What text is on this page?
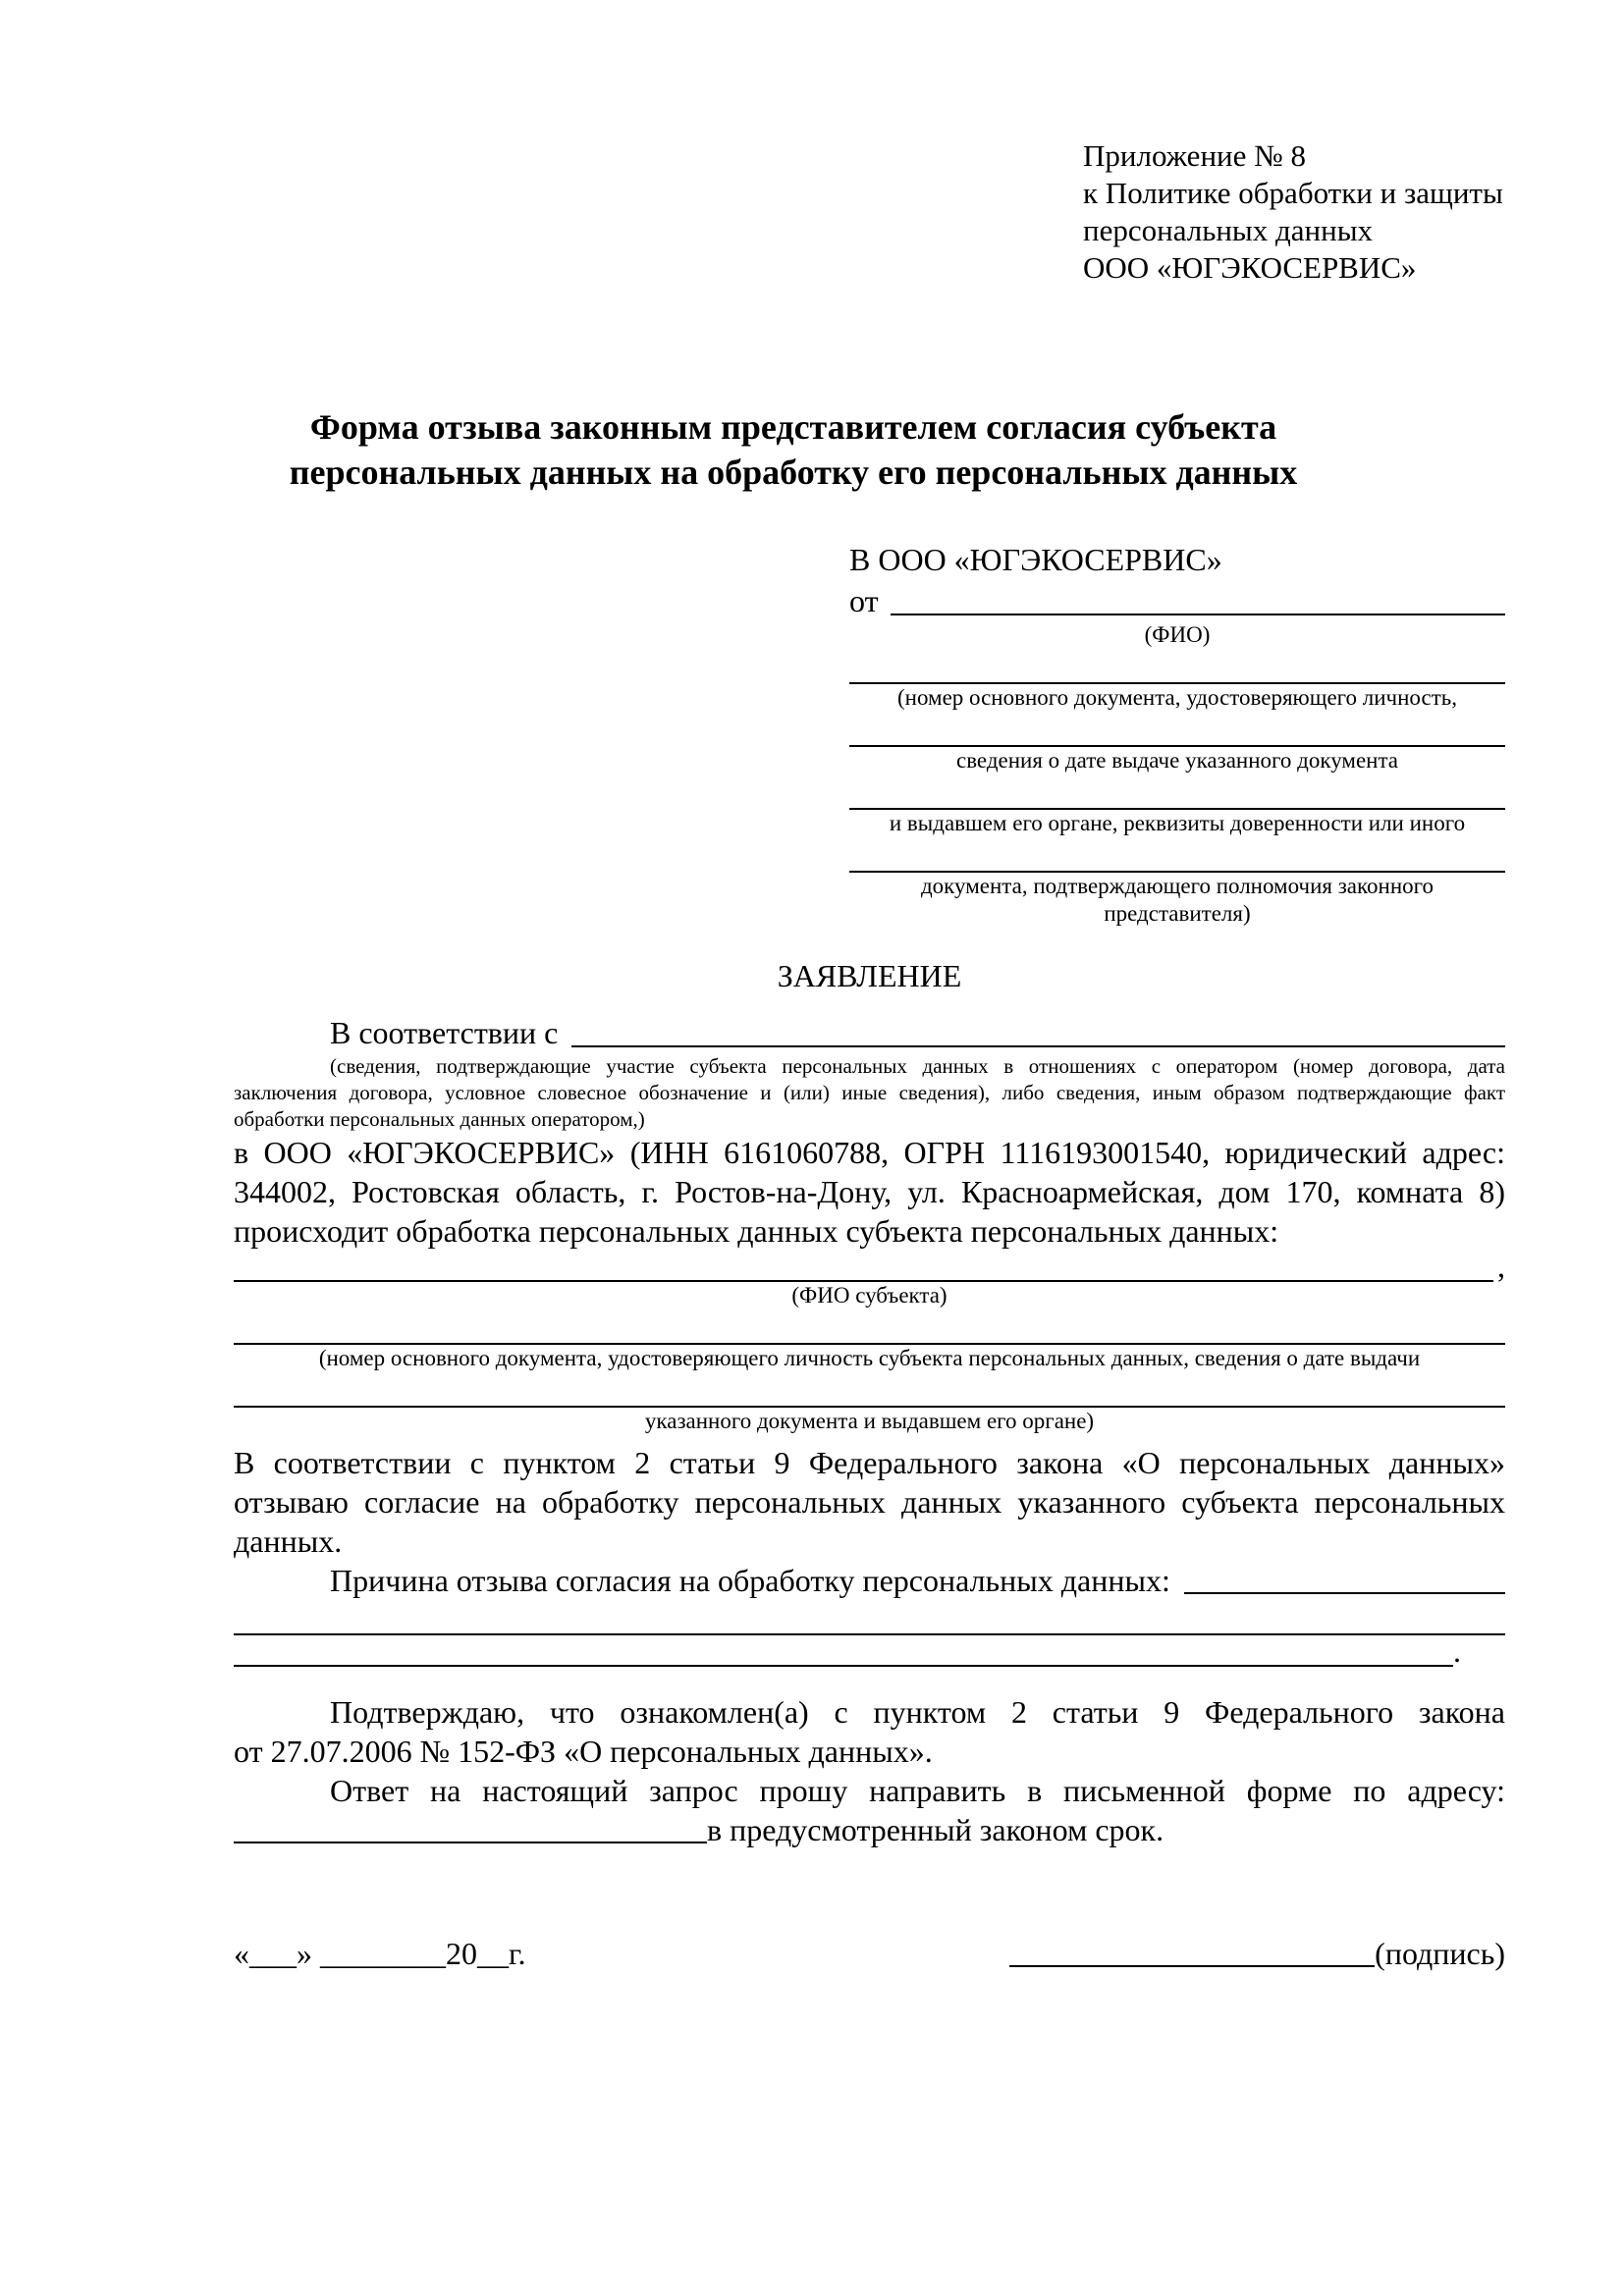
Приложение № 8
к Политике обработки и защиты
персональных данных
ООО «ЮГЭКОСЕРВИС»
Форма отзыва законным представителем согласия субъекта
персональных данных на обработку его персональных данных
В ООО «ЮГЭКОСЕРВИС»
от
(ФИО)
(номер основного документа, удостоверяющего личность,
сведения о дате выдаче указанного документа
и выдавшем его органе, реквизиты доверенности или иного
документа, подтверждающего полномочия законного представителя)
ЗАЯВЛЕНИЕ
В соответствии с
(сведения, подтверждающие участие субъекта персональных данных в отношениях с оператором (номер договора, дата
заключения договора, условное словесное обозначение и (или) иные сведения), либо сведения, иным образом подтверждающие факт
обработки персональных данных оператором,)
в ООО «ЮГЭКОСЕРВИС» (ИНН 6161060788, ОГРН 1116193001540, юридический адрес:
344002, Ростовская область, г. Ростов-на-Дону, ул. Красноармейская, дом 170, комната 8)
происходит обработка персональных данных субъекта персональных данных:
,
(ФИО субъекта)
(номер основного документа, удостоверяющего личность субъекта персональных данных, сведения о дате выдачи
указанного документа и выдавшем его органе)
В соответствии с пунктом 2 статьи 9 Федерального закона «О персональных данных»
отзываю согласие на обработку персональных данных указанного субъекта персональных
данных.
Причина отзыва согласия на обработку персональных данных:
.
Подтверждаю, что ознакомлен(а) с пунктом 2 статьи 9 Федерального закона
от 27.07.2006 № 152-ФЗ «О персональных данных».
Ответ на настоящий запрос прошу направить в письменной форме по адресу:
в предусмотренный законом срок.
«___» ________20__г.	(подпись)
